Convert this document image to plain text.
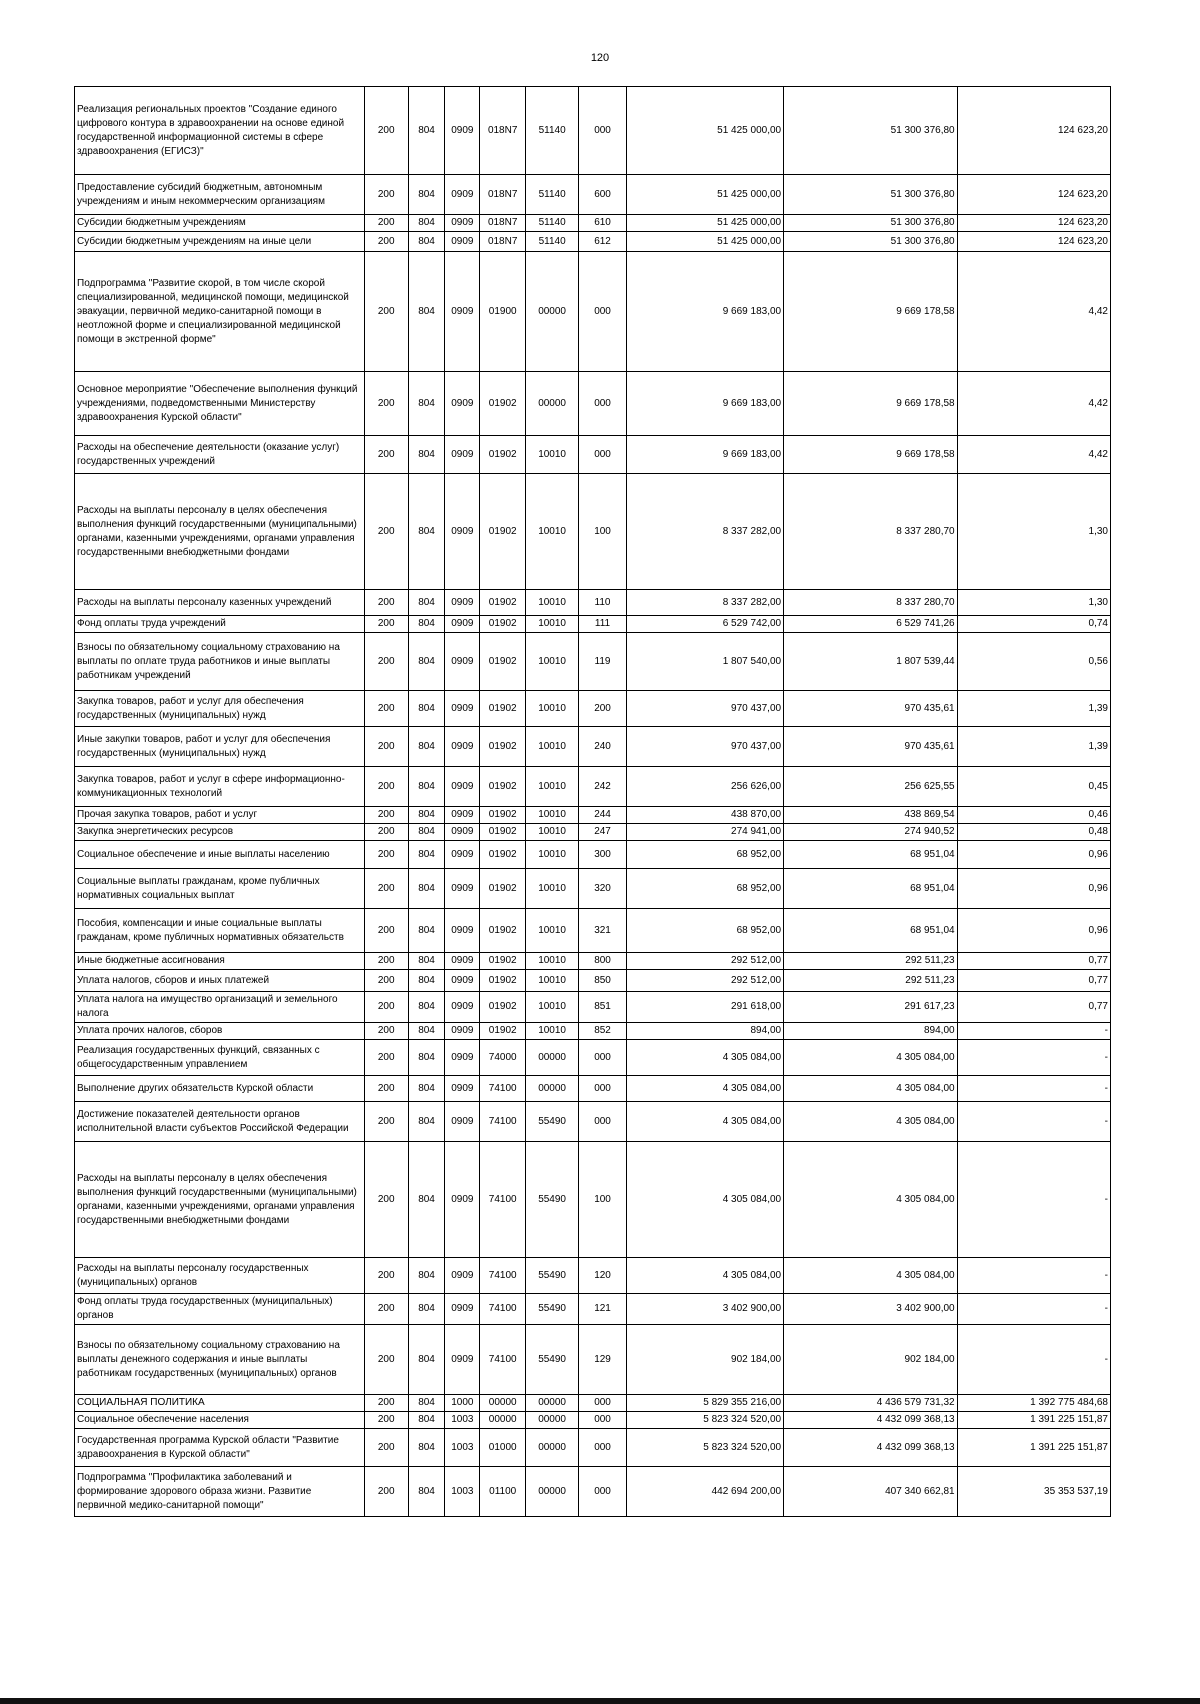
120
Реализация региональных проектов "Создание единого цифрового контура в здравоохранении на основе единой государственной информационной системы в сфере здравоохранения (ЕГИСЗ)"	200	804	0909	018N7	51140	000	51 425 000,00	51 300 376,80	124 623,20
Предоставление субсидий бюджетным, автономным учреждениям и иным некоммерческим организациям	200	804	0909	018N7	51140	600	51 425 000,00	51 300 376,80	124 623,20
Субсидии бюджетным учреждениям	200	804	0909	018N7	51140	610	51 425 000,00	51 300 376,80	124 623,20
Субсидии бюджетным учреждениям на иные цели	200	804	0909	018N7	51140	612	51 425 000,00	51 300 376,80	124 623,20
Подпрограмма "Развитие скорой, в том числе скорой специализированной, медицинской помощи, медицинской эвакуации, первичной медико-санитарной помощи в неотложной форме и специализированной медицинской помощи в экстренной форме"	200	804	0909	01900	00000	000	9 669 183,00	9 669 178,58	4,42
Основное мероприятие "Обеспечение выполнения функций учреждениями, подведомственными Министерству здравоохранения Курской области"	200	804	0909	01902	00000	000	9 669 183,00	9 669 178,58	4,42
Расходы на обеспечение деятельности (оказание услуг) государственных учреждений	200	804	0909	01902	10010	000	9 669 183,00	9 669 178,58	4,42
Расходы на выплаты персоналу в целях обеспечения выполнения функций государственными (муниципальными) органами, казенными учреждениями, органами управления государственными внебюджетными фондами	200	804	0909	01902	10010	100	8 337 282,00	8 337 280,70	1,30
Расходы на выплаты персоналу казенных учреждений	200	804	0909	01902	10010	110	8 337 282,00	8 337 280,70	1,30
Фонд оплаты труда учреждений	200	804	0909	01902	10010	111	6 529 742,00	6 529 741,26	0,74
Взносы по обязательному социальному страхованию на выплаты по оплате труда работников и иные выплаты работникам учреждений	200	804	0909	01902	10010	119	1 807 540,00	1 807 539,44	0,56
Закупка товаров, работ и услуг для обеспечения государственных (муниципальных) нужд	200	804	0909	01902	10010	200	970 437,00	970 435,61	1,39
Иные закупки товаров, работ и услуг для обеспечения государственных (муниципальных) нужд	200	804	0909	01902	10010	240	970 437,00	970 435,61	1,39
Закупка товаров, работ и услуг в сфере информационно-коммуникационных технологий	200	804	0909	01902	10010	242	256 626,00	256 625,55	0,45
Прочая закупка товаров, работ и услуг	200	804	0909	01902	10010	244	438 870,00	438 869,54	0,46
Закупка энергетических ресурсов	200	804	0909	01902	10010	247	274 941,00	274 940,52	0,48
Социальное обеспечение и иные выплаты населению	200	804	0909	01902	10010	300	68 952,00	68 951,04	0,96
Социальные выплаты гражданам, кроме публичных нормативных социальных выплат	200	804	0909	01902	10010	320	68 952,00	68 951,04	0,96
Пособия, компенсации и иные социальные выплаты гражданам, кроме публичных нормативных обязательств	200	804	0909	01902	10010	321	68 952,00	68 951,04	0,96
Иные бюджетные ассигнования	200	804	0909	01902	10010	800	292 512,00	292 511,23	0,77
Уплата налогов, сборов и иных платежей	200	804	0909	01902	10010	850	292 512,00	292 511,23	0,77
Уплата налога на имущество организаций и земельного налога	200	804	0909	01902	10010	851	291 618,00	291 617,23	0,77
Уплата прочих налогов, сборов	200	804	0909	01902	10010	852	894,00	894,00	-
Реализация государственных функций, связанных с общегосударственным управлением	200	804	0909	74000	00000	000	4 305 084,00	4 305 084,00	-
Выполнение других обязательств Курской области	200	804	0909	74100	00000	000	4 305 084,00	4 305 084,00	-
Достижение показателей деятельности органов исполнительной власти субъектов Российской Федерации	200	804	0909	74100	55490	000	4 305 084,00	4 305 084,00	-
Расходы на выплаты персоналу в целях обеспечения выполнения функций государственными (муниципальными) органами, казенными учреждениями, органами управления государственными внебюджетными фондами	200	804	0909	74100	55490	100	4 305 084,00	4 305 084,00	-
Расходы на выплаты персоналу государственных (муниципальных) органов	200	804	0909	74100	55490	120	4 305 084,00	4 305 084,00	-
Фонд оплаты труда государственных (муниципальных) органов	200	804	0909	74100	55490	121	3 402 900,00	3 402 900,00	-
Взносы по обязательному социальному страхованию на выплаты денежного содержания и иные выплаты работникам государственных (муниципальных) органов	200	804	0909	74100	55490	129	902 184,00	902 184,00	-
СОЦИАЛЬНАЯ ПОЛИТИКА	200	804	1000	00000	00000	000	5 829 355 216,00	4 436 579 731,32	1 392 775 484,68
Социальное обеспечение населения	200	804	1003	00000	00000	000	5 823 324 520,00	4 432 099 368,13	1 391 225 151,87
Государственная программа Курской области "Развитие здравоохранения в Курской области"	200	804	1003	01000	00000	000	5 823 324 520,00	4 432 099 368,13	1 391 225 151,87
Подпрограмма "Профилактика заболеваний и формирование здорового образа жизни. Развитие первичной медико-санитарной помощи"	200	804	1003	01100	00000	000	442 694 200,00	407 340 662,81	35 353 537,19
